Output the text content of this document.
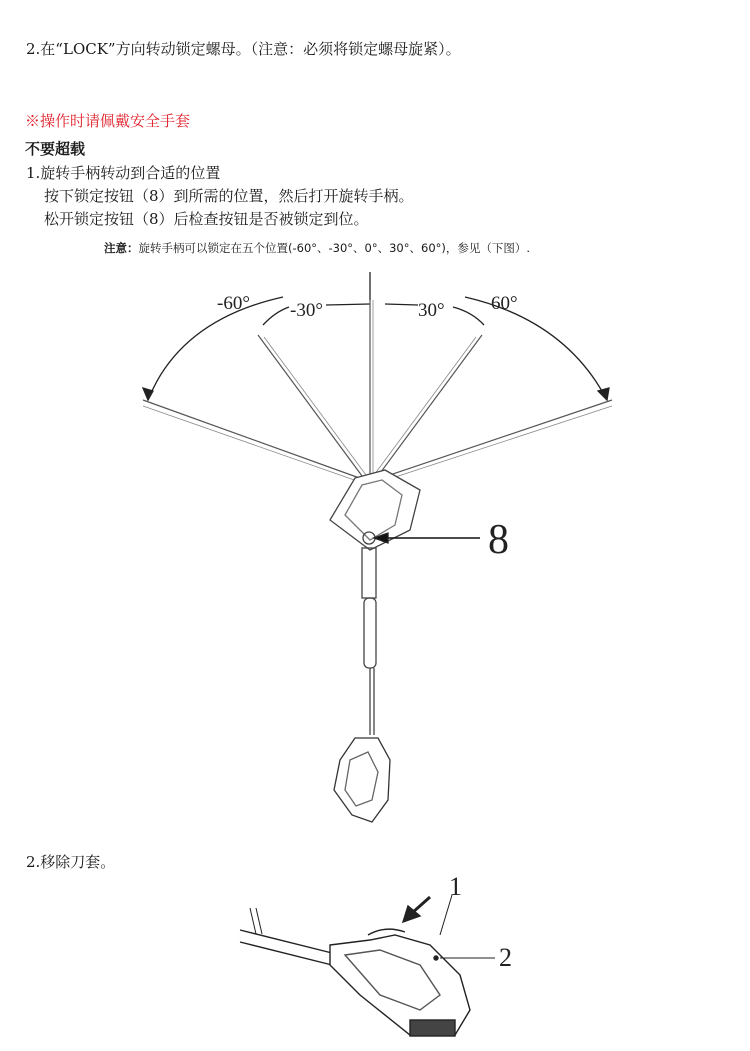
2.在“LOCK”方向转动锁定螺母。（注意：必须将锁定螺母旋紧）。
※操作时请佩戴安全手套
不要超载
1.旋转手柄转动到合适的位置
按下锁定按钮（8）到所需的位置，然后打开旋转手柄。
松开锁定按钮（8）后检查按钮是否被锁定到位。
注意：旋转手柄可以锁定在五个位置(-60°、-30°、0°、30°、60°)，参见（下图）.
-60° -30°	30° 60°
8
2.移除刀套。
1
2
